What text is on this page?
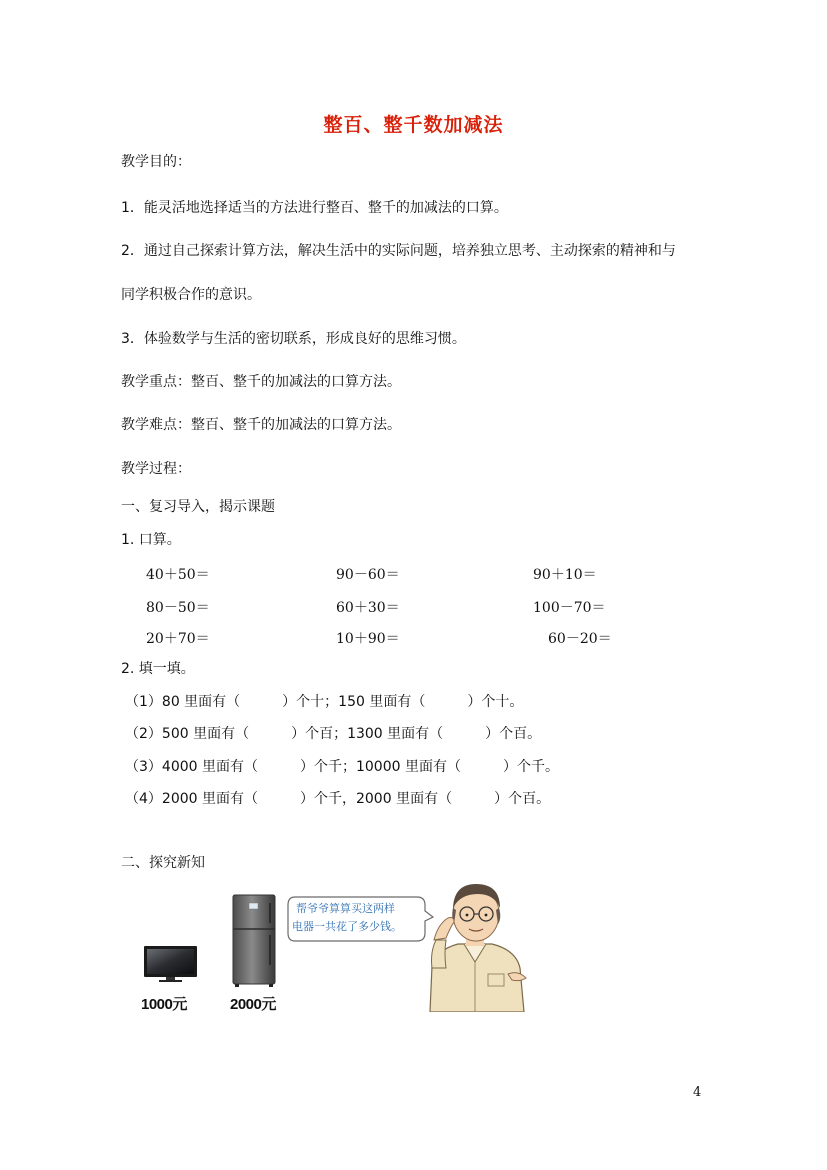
整百、整千数加减法
教学目的：
1．能灵活地选择适当的方法进行整百、整千的加减法的口算。
2．通过自己探索计算方法，解决生活中的实际问题，培养独立思考、主动探索的精神和与
同学积极合作的意识。
3．体验数学与生活的密切联系，形成良好的思维习惯。
教学重点：整百、整千的加减法的口算方法。
教学难点：整百、整千的加减法的口算方法。
教学过程：
一、复习导入，揭示课题
1. 口算。
40＋50＝	90－60＝	90＋10＝
80－50＝	60＋30＝	100－70＝
20＋70＝	10＋90＝	60－20＝
2. 填一填。
（1）80 里面有（　　　）个十；150 里面有（　　　）个十。
（2）500 里面有（　　　）个百；1300 里面有（　　　）个百。
（3）4000 里面有（　　　）个千；10000 里面有（　　　）个千。
（4）2000 里面有（　　　）个千，2000 里面有（　　　）个百。
二、探究新知
1000元	2000元
帮爷爷算算买这两样
电器一共花了多少钱。
4
